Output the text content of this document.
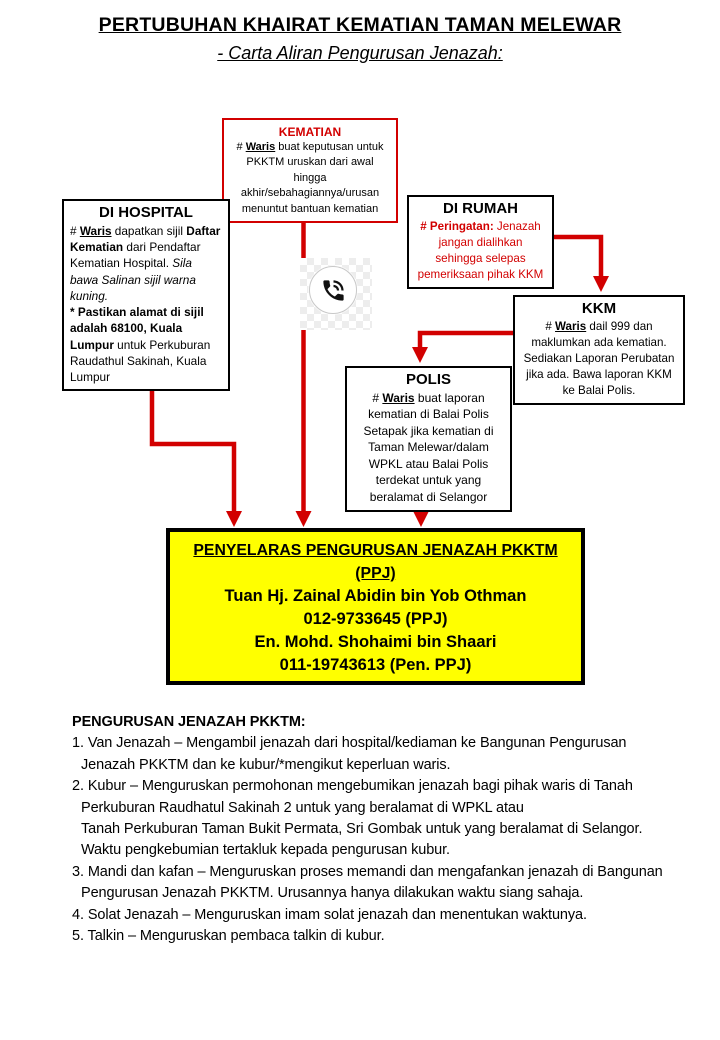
PERTUBUHAN KHAIRAT KEMATIAN TAMAN MELEWAR
- Carta Aliran Pengurusan Jenazah:
KEMATIAN
# Waris buat keputusan untuk PKKTM uruskan dari awal hingga akhir/sebahagiannya/urusan menuntut bantuan kematian
DI HOSPITAL
# Waris dapatkan sijil Daftar Kematian dari Pendaftar Kematian Hospital. Sila bawa Salinan sijil warna kuning.
* Pastikan alamat di sijil adalah 68100, Kuala Lumpur untuk Perkuburan Raudathul Sakinah, Kuala Lumpur
DI RUMAH
# Peringatan: Jenazah jangan dialihkan sehingga selepas pemeriksaan pihak KKM
KKM
# Waris dail 999 dan maklumkan ada kematian. Sediakan Laporan Perubatan jika ada. Bawa laporan KKM ke Balai Polis.
POLIS
# Waris buat laporan kematian di Balai Polis Setapak jika kematian di Taman Melewar/dalam WPKL atau Balai Polis terdekat untuk yang beralamat di Selangor
PENYELARAS PENGURUSAN JENAZAH PKKTM (PPJ)
Tuan Hj. Zainal Abidin bin Yob Othman
012-9733645 (PPJ)
En. Mohd. Shohaimi bin Shaari
011-19743613 (Pen. PPJ)
PENGURUSAN JENAZAH PKKTM:
1. Van Jenazah – Mengambil jenazah dari hospital/kediaman ke Bangunan Pengurusan
Jenazah PKKTM dan ke kubur/*mengikut keperluan waris.
2. Kubur – Menguruskan permohonan mengebumikan jenazah bagi pihak waris di Tanah
Perkuburan Raudhatul Sakinah 2 untuk yang beralamat di WPKL atau
Tanah Perkuburan Taman Bukit Permata, Sri Gombak untuk yang beralamat di Selangor.
Waktu pengkebumian tertakluk kepada pengurusan kubur.
3. Mandi dan kafan – Menguruskan proses memandi dan mengafankan jenazah di Bangunan
Pengurusan Jenazah PKKTM. Urusannya hanya dilakukan waktu siang sahaja.
4. Solat Jenazah – Menguruskan imam solat jenazah dan menentukan waktunya.
5. Talkin – Menguruskan pembaca talkin di kubur.
